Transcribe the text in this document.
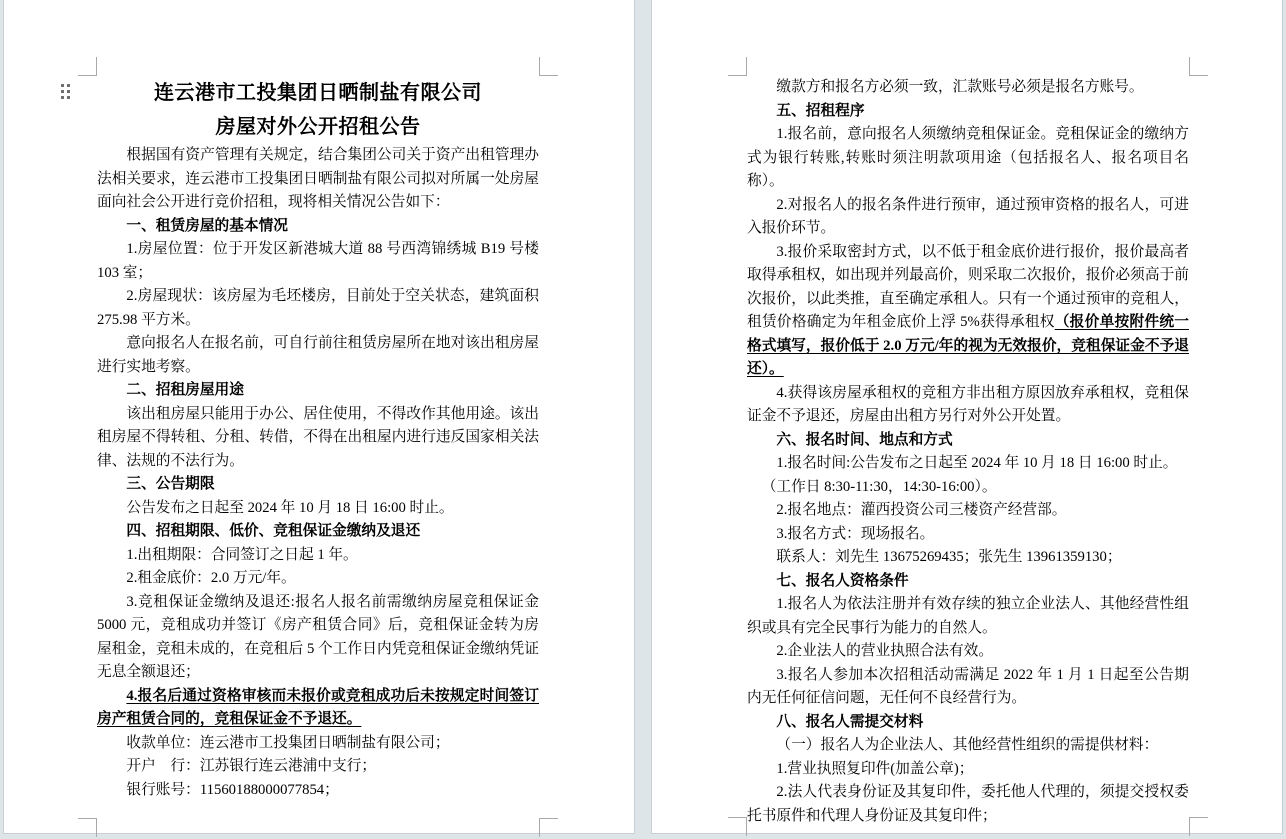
连云港市工投集团日晒制盐有限公司
房屋对外公开招租公告

根据国有资产管理有关规定，结合集团公司关于资产出租管理办法相关要求，连云港市工投集团日晒制盐有限公司拟对所属一处房屋面向社会公开进行竞价招租，现将相关情况公告如下：

一、租赁房屋的基本情况

1.房屋位置：位于开发区新港城大道 88 号西湾锦绣城 B19 号楼 103 室；

2.房屋现状：该房屋为毛坯楼房，目前处于空关状态，建筑面积 275.98 平方米。

意向报名人在报名前，可自行前往租赁房屋所在地对该出租房屋进行实地考察。

二、招租房屋用途

该出租房屋只能用于办公、居住使用，不得改作其他用途。该出租房屋不得转租、分租、转借，不得在出租屋内进行违反国家相关法律、法规的不法行为。

三、公告期限

公告发布之日起至 2024 年 10 月 18 日 16:00 时止。

四、招租期限、低价、竞租保证金缴纳及退还

1.出租期限：合同签订之日起 1 年。

2.租金底价：2.0 万元/年。

3.竞租保证金缴纳及退还:报名人报名前需缴纳房屋竞租保证金 5000 元，竞租成功并签订《房产租赁合同》后，竞租保证金转为房屋租金，竞租未成的，在竞租后 5 个工作日内凭竞租保证金缴纳凭证无息全额退还；

4.报名后通过资格审核而未报价或竞租成功后未按规定时间签订房产租赁合同的，竞租保证金不予退还。

收款单位：连云港市工投集团日晒制盐有限公司；

开户　行：江苏银行连云港浦中支行；

银行账号：11560188000077854；

缴款方和报名方必须一致，汇款账号必须是报名方账号。

五、招租程序

1.报名前，意向报名人须缴纳竞租保证金。竞租保证金的缴纳方式为银行转账,转账时须注明款项用途（包括报名人、报名项目名称）。

2.对报名人的报名条件进行预审，通过预审资格的报名人，可进入报价环节。

3.报价采取密封方式，以不低于租金底价进行报价，报价最高者取得承租权，如出现并列最高价，则采取二次报价，报价必须高于前次报价，以此类推，直至确定承租人。只有一个通过预审的竞租人，租赁价格确定为年租金底价上浮 5%获得承租权（报价单按附件统一格式填写，报价低于 2.0 万元/年的视为无效报价，竞租保证金不予退还）。

4.获得该房屋承租权的竞租方非出租方原因放弃承租权，竞租保证金不予退还，房屋由出租方另行对外公开处置。

六、报名时间、地点和方式

1.报名时间:公告发布之日起至 2024 年 10 月 18 日 16:00 时止。

（工作日 8:30-11:30，14:30-16:00）。

2.报名地点：灌西投资公司三楼资产经营部。

3.报名方式：现场报名。

联系人：刘先生 13675269435；张先生 13961359130；

七、报名人资格条件

1.报名人为依法注册并有效存续的独立企业法人、其他经营性组织或具有完全民事行为能力的自然人。

2.企业法人的营业执照合法有效。

3.报名人参加本次招租活动需满足 2022 年 1 月 1 日起至公告期内无任何征信问题，无任何不良经营行为。

八、报名人需提交材料

（一）报名人为企业法人、其他经营性组织的需提供材料：

1.营业执照复印件(加盖公章)；

2.法人代表身份证及其复印件，委托他人代理的，须提交授权委托书原件和代理人身份证及其复印件；
